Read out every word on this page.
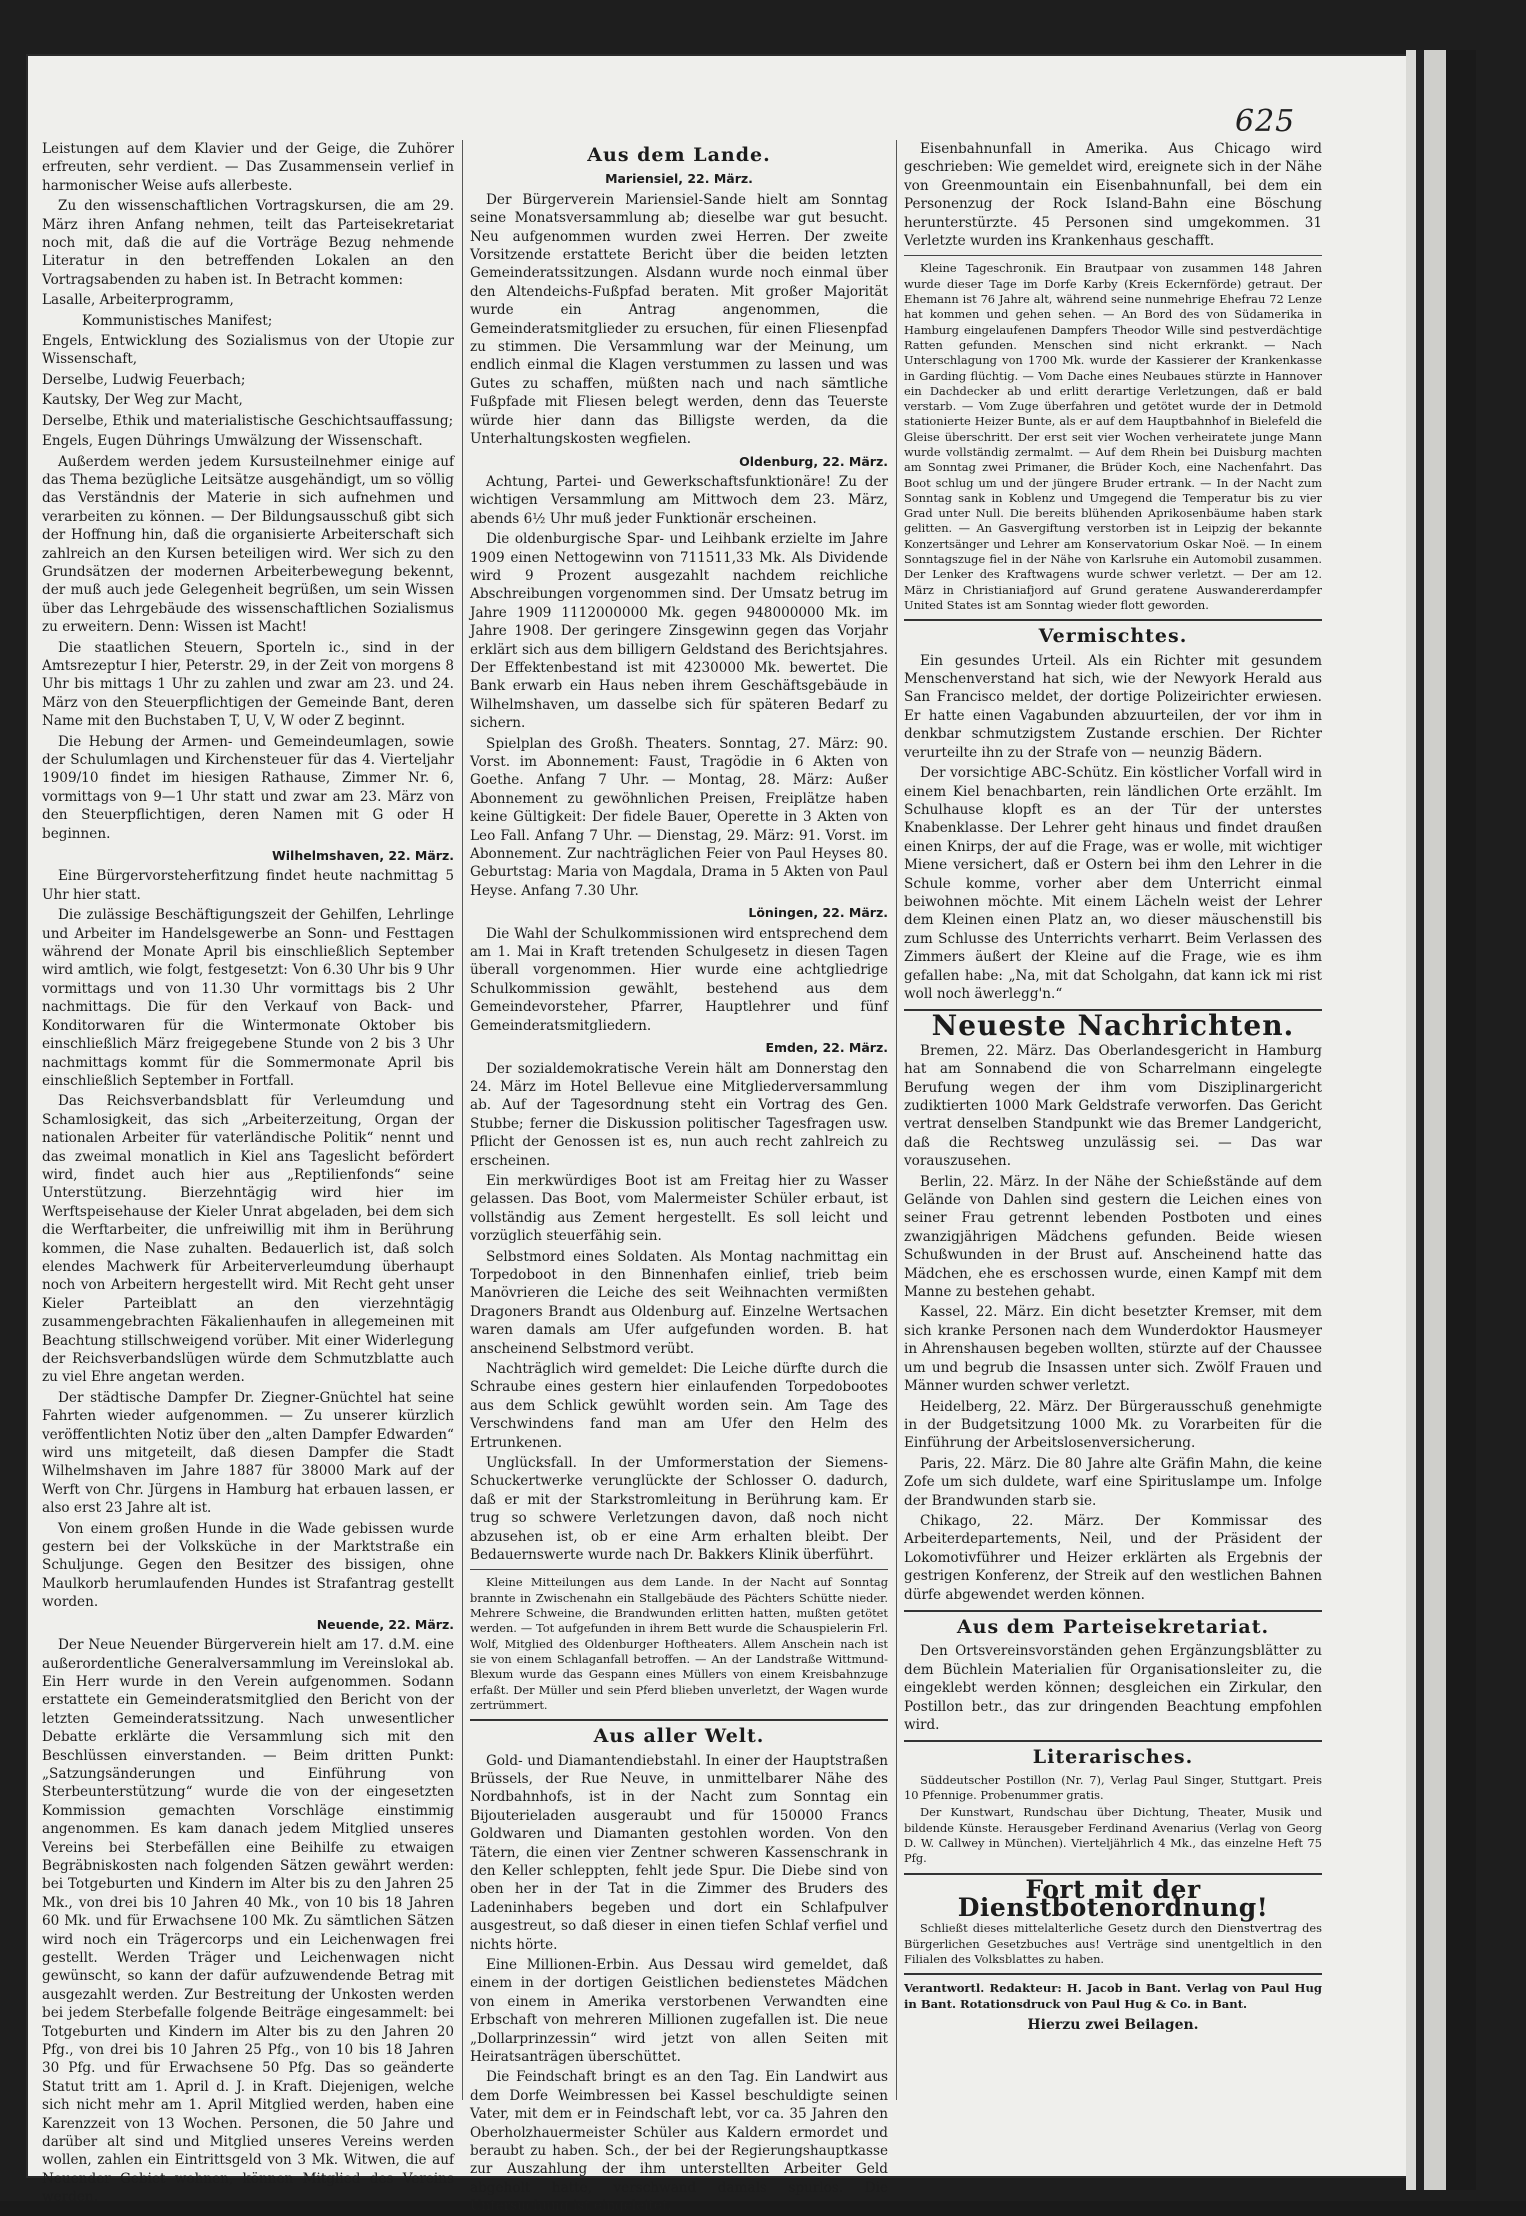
625

Leistungen auf dem Klavier und der Geige, die Zuhörer erfreuten, sehr verdient. — Das Zusammensein verlief in harmonischer Weise aufs allerbeste.

Zu den wissenschaftlichen Vortragskursen, die am 29. März ihren Anfang nehmen, teilt das Parteisekretariat noch mit, daß die auf die Vorträge Bezug nehmende Literatur in den betreffenden Lokalen an den Vortragsabenden zu haben ist. In Betracht kommen:

Lasalle, Arbeiterprogramm,

Kommunistisches Manifest;

Engels, Entwicklung des Sozialismus von der Utopie zur Wissenschaft,

Derselbe, Ludwig Feuerbach;

Kautsky, Der Weg zur Macht,

Derselbe, Ethik und materialistische Geschichtsauffassung;

Engels, Eugen Dührings Umwälzung der Wissenschaft.

Außerdem werden jedem Kursusteilnehmer einige auf das Thema bezügliche Leitsätze ausgehändigt, um so völlig das Verständnis der Materie in sich aufnehmen und verarbeiten zu können. — Der Bildungsausschuß gibt sich der Hoffnung hin, daß die organisierte Arbeiterschaft sich zahlreich an den Kursen beteiligen wird. Wer sich zu den Grundsätzen der modernen Arbeiterbewegung bekennt, der muß auch jede Gelegenheit begrüßen, um sein Wissen über das Lehrgebäude des wissenschaftlichen Sozialismus zu erweitern. Denn: Wissen ist Macht!

Die staatlichen Steuern, Sporteln ic., sind in der Amtsrezeptur I hier, Peterstr. 29, in der Zeit von morgens 8 Uhr bis mittags 1 Uhr zu zahlen und zwar am 23. und 24. März von den Steuerpflichtigen der Gemeinde Bant, deren Name mit den Buchstaben T, U, V, W oder Z beginnt.

Die Hebung der Armen- und Gemeindeumlagen, sowie der Schulumlagen und Kirchensteuer für das 4. Vierteljahr 1909/10 findet im hiesigen Rathause, Zimmer Nr. 6, vormittags von 9—1 Uhr statt und zwar am 23. März von den Steuerpflichtigen, deren Namen mit G oder H beginnen.

Wilhelmshaven, 22. März.

Eine Bürgervorsteherfitzung findet heute nachmittag 5 Uhr hier statt.

Die zulässige Beschäftigungszeit der Gehilfen, Lehrlinge und Arbeiter im Handelsgewerbe an Sonn- und Festtagen während der Monate April bis einschließlich September wird amtlich, wie folgt, festgesetzt: Von 6.30 Uhr bis 9 Uhr vormittags und von 11.30 Uhr vormittags bis 2 Uhr nachmittags. Die für den Verkauf von Back- und Konditorwaren für die Wintermonate Oktober bis einschließlich März freigegebene Stunde von 2 bis 3 Uhr nachmittags kommt für die Sommermonate April bis einschließlich September in Fortfall.

Das Reichsverbandsblatt für Verleumdung und Schamlosigkeit, das sich „Arbeiterzeitung, Organ der nationalen Arbeiter für vaterländische Politik“ nennt und das zweimal monatlich in Kiel ans Tageslicht befördert wird, findet auch hier aus „Reptilienfonds“ seine Unterstützung. Bierzehntägig wird hier im Werftspeisehause der Kieler Unrat abgeladen, bei dem sich die Werftarbeiter, die unfreiwillig mit ihm in Berührung kommen, die Nase zuhalten. Bedauerlich ist, daß solch elendes Machwerk für Arbeiterverleumdung überhaupt noch von Arbeitern hergestellt wird. Mit Recht geht unser Kieler Parteiblatt an den vierzehntägig zusammengebrachten Fäkalienhaufen in allegemeinen mit Beachtung stillschweigend vorüber. Mit einer Widerlegung der Reichsverbandslügen würde dem Schmutzblatte auch zu viel Ehre angetan werden.

Der städtische Dampfer Dr. Ziegner-Gnüchtel hat seine Fahrten wieder aufgenommen. — Zu unserer kürzlich veröffentlichten Notiz über den „alten Dampfer Edwarden“ wird uns mitgeteilt, daß diesen Dampfer die Stadt Wilhelmshaven im Jahre 1887 für 38000 Mark auf der Werft von Chr. Jürgens in Hamburg hat erbauen lassen, er also erst 23 Jahre alt ist.

Von einem großen Hunde in die Wade gebissen wurde gestern bei der Volksküche in der Marktstraße ein Schuljunge. Gegen den Besitzer des bissigen, ohne Maulkorb herumlaufenden Hundes ist Strafantrag gestellt worden.

Neuende, 22. März.

Der Neue Neuender Bürgerverein hielt am 17. d.M. eine außerordentliche Generalversammlung im Vereinslokal ab. Ein Herr wurde in den Verein aufgenommen. Sodann erstattete ein Gemeinderatsmitglied den Bericht von der letzten Gemeinderatssitzung. Nach unwesentlicher Debatte erklärte die Versammlung sich mit den Beschlüssen einverstanden. — Beim dritten Punkt: „Satzungsänderungen und Einführung von Sterbeunterstützung“ wurde die von der eingesetzten Kommission gemachten Vorschläge einstimmig angenommen. Es kam danach jedem Mitglied unseres Vereins bei Sterbefällen eine Beihilfe zu etwaigen Begräbniskosten nach folgenden Sätzen gewährt werden: bei Totgeburten und Kindern im Alter bis zu den Jahren 25 Mk., von drei bis 10 Jahren 40 Mk., von 10 bis 18 Jahren 60 Mk. und für Erwachsene 100 Mk. Zu sämtlichen Sätzen wird noch ein Trägercorps und ein Leichenwagen frei gestellt. Werden Träger und Leichenwagen nicht gewünscht, so kann der dafür aufzuwendende Betrag mit ausgezahlt werden. Zur Bestreitung der Unkosten werden bei jedem Sterbefalle folgende Beiträge eingesammelt: bei Totgeburten und Kindern im Alter bis zu den Jahren 20 Pfg., von drei bis 10 Jahren 25 Pfg., von 10 bis 18 Jahren 30 Pfg. und für Erwachsene 50 Pfg. Das so geänderte Statut tritt am 1. April d. J. in Kraft. Diejenigen, welche sich nicht mehr am 1. April Mitglied werden, haben eine Karenzzeit von 13 Wochen. Personen, die 50 Jahre und darüber alt sind und Mitglied unseres Vereins werden wollen, zahlen ein Eintrittsgeld von 3 Mk. Witwen, die auf Neuender Gebiet wohnen, können Mitglied des Vereins werden.

Aus dem Lande.

Mariensiel, 22. März.

Der Bürgerverein Mariensiel-Sande hielt am Sonntag seine Monatsversammlung ab; dieselbe war gut besucht. Neu aufgenommen wurden zwei Herren. Der zweite Vorsitzende erstattete Bericht über die beiden letzten Gemeinderatssitzungen. Alsdann wurde noch einmal über den Altendeichs-Fußpfad beraten. Mit großer Majorität wurde ein Antrag angenommen, die Gemeinderatsmitglieder zu ersuchen, für einen Fliesenpfad zu stimmen. Die Versammlung war der Meinung, um endlich einmal die Klagen verstummen zu lassen und was Gutes zu schaffen, müßten nach und nach sämtliche Fußpfade mit Fliesen belegt werden, denn das Teuerste würde hier dann das Billigste werden, da die Unterhaltungskosten wegfielen.

Oldenburg, 22. März.

Achtung, Partei- und Gewerkschaftsfunktionäre! Zu der wichtigen Versammlung am Mittwoch dem 23. März, abends 6½ Uhr muß jeder Funktionär erscheinen.

Die oldenburgische Spar- und Leihbank erzielte im Jahre 1909 einen Nettogewinn von 711511,33 Mk. Als Dividende wird 9 Prozent ausgezahlt nachdem reichliche Abschreibungen vorgenommen sind. Der Umsatz betrug im Jahre 1909 1112000000 Mk. gegen 948000000 Mk. im Jahre 1908. Der geringere Zinsgewinn gegen das Vorjahr erklärt sich aus dem billigern Geldstand des Berichtsjahres. Der Effektenbestand ist mit 4230000 Mk. bewertet. Die Bank erwarb ein Haus neben ihrem Geschäftsgebäude in Wilhelmshaven, um dasselbe sich für späteren Bedarf zu sichern.

Spielplan des Großh. Theaters. Sonntag, 27. März: 90. Vorst. im Abonnement: Faust, Tragödie in 6 Akten von Goethe. Anfang 7 Uhr. — Montag, 28. März: Außer Abonnement zu gewöhnlichen Preisen, Freiplätze haben keine Gültigkeit: Der fidele Bauer, Operette in 3 Akten von Leo Fall. Anfang 7 Uhr. — Dienstag, 29. März: 91. Vorst. im Abonnement. Zur nachträglichen Feier von Paul Heyses 80. Geburtstag: Maria von Magdala, Drama in 5 Akten von Paul Heyse. Anfang 7.30 Uhr.

Löningen, 22. März.

Die Wahl der Schulkommissionen wird entsprechend dem am 1. Mai in Kraft tretenden Schulgesetz in diesen Tagen überall vorgenommen. Hier wurde eine achtgliedrige Schulkommission gewählt, bestehend aus dem Gemeindevorsteher, Pfarrer, Hauptlehrer und fünf Gemeinderatsmitgliedern.

Emden, 22. März.

Der sozialdemokratische Verein hält am Donnerstag den 24. März im Hotel Bellevue eine Mitgliederversammlung ab. Auf der Tagesordnung steht ein Vortrag des Gen. Stubbe; ferner die Diskussion politischer Tagesfragen usw. Pflicht der Genossen ist es, nun auch recht zahlreich zu erscheinen.

Ein merkwürdiges Boot ist am Freitag hier zu Wasser gelassen. Das Boot, vom Malermeister Schüler erbaut, ist vollständig aus Zement hergestellt. Es soll leicht und vorzüglich steuerfähig sein.

Selbstmord eines Soldaten. Als Montag nachmittag ein Torpedoboot in den Binnenhafen einlief, trieb beim Manövrieren die Leiche des seit Weihnachten vermißten Dragoners Brandt aus Oldenburg auf. Einzelne Wertsachen waren damals am Ufer aufgefunden worden. B. hat anscheinend Selbstmord verübt.

Nachträglich wird gemeldet: Die Leiche dürfte durch die Schraube eines gestern hier einlaufenden Torpedobootes aus dem Schlick gewühlt worden sein. Am Tage des Verschwindens fand man am Ufer den Helm des Ertrunkenen.

Unglücksfall. In der Umformerstation der Siemens-Schuckertwerke verunglückte der Schlosser O. dadurch, daß er mit der Starkstromleitung in Berührung kam. Er trug so schwere Verletzungen davon, daß noch nicht abzusehen ist, ob er eine Arm erhalten bleibt. Der Bedauernswerte wurde nach Dr. Bakkers Klinik überführt.

Kleine Mitteilungen aus dem Lande. In der Nacht auf Sonntag brannte in Zwischenahn ein Stallgebäude des Pächters Schütte nieder. Mehrere Schweine, die Brandwunden erlitten hatten, mußten getötet werden. — Tot aufgefunden in ihrem Bett wurde die Schauspielerin Frl. Wolf, Mitglied des Oldenburger Hoftheaters. Allem Anschein nach ist sie von einem Schlaganfall betroffen. — An der Landstraße Wittmund-Blexum wurde das Gespann eines Müllers von einem Kreisbahnzuge erfaßt. Der Müller und sein Pferd blieben unverletzt, der Wagen wurde zertrümmert.

Aus aller Welt.

Gold- und Diamantendiebstahl. In einer der Hauptstraßen Brüssels, der Rue Neuve, in unmittelbarer Nähe des Nordbahnhofs, ist in der Nacht zum Sonntag ein Bijouterieladen ausgeraubt und für 150000 Francs Goldwaren und Diamanten gestohlen worden. Von den Tätern, die einen vier Zentner schweren Kassenschrank in den Keller schleppten, fehlt jede Spur. Die Diebe sind von oben her in der Tat in die Zimmer des Bruders des Ladeninhabers begeben und dort ein Schlafpulver ausgestreut, so daß dieser in einen tiefen Schlaf verfiel und nichts hörte.

Eine Millionen-Erbin. Aus Dessau wird gemeldet, daß einem in der dortigen Geistlichen bedienstetes Mädchen von einem in Amerika verstorbenen Verwandten eine Erbschaft von mehreren Millionen zugefallen ist. Die neue „Dollarprinzessin“ wird jetzt von allen Seiten mit Heiratsanträgen überschüttet.

Die Feindschaft bringt es an den Tag. Ein Landwirt aus dem Dorfe Weimbressen bei Kassel beschuldigte seinen Vater, mit dem er in Feindschaft lebt, vor ca. 35 Jahren den Oberholzhauermeister Schüler aus Kaldern ermordet und beraubt zu haben. Sch., der bei der Regierungshauptkasse zur Auszahlung der ihm unterstellten Arbeiter Geld abgeholt hatte, verschwand damals spurlos. Die Untersuchung ist eingeleitet.

Eisenbahnunfall in Amerika. Aus Chicago wird geschrieben: Wie gemeldet wird, ereignete sich in der Nähe von Greenmountain ein Eisenbahnunfall, bei dem ein Personenzug der Rock Island-Bahn eine Böschung herunterstürzte. 45 Personen sind umgekommen. 31 Verletzte wurden ins Krankenhaus geschafft.

Kleine Tageschronik. Ein Brautpaar von zusammen 148 Jahren wurde dieser Tage im Dorfe Karby (Kreis Eckernförde) getraut. Der Ehemann ist 76 Jahre alt, während seine nunmehrige Ehefrau 72 Lenze hat kommen und gehen sehen. — An Bord des von Südamerika in Hamburg eingelaufenen Dampfers Theodor Wille sind pestverdächtige Ratten gefunden. Menschen sind nicht erkrankt. — Nach Unterschlagung von 1700 Mk. wurde der Kassierer der Krankenkasse in Garding flüchtig. — Vom Dache eines Neubaues stürzte in Hannover ein Dachdecker ab und erlitt derartige Verletzungen, daß er bald verstarb. — Vom Zuge überfahren und getötet wurde der in Detmold stationierte Heizer Bunte, als er auf dem Hauptbahnhof in Bielefeld die Gleise überschritt. Der erst seit vier Wochen verheiratete junge Mann wurde vollständig zermalmt. — Auf dem Rhein bei Duisburg machten am Sonntag zwei Primaner, die Brüder Koch, eine Nachenfahrt. Das Boot schlug um und der jüngere Bruder ertrank. — In der Nacht zum Sonntag sank in Koblenz und Umgegend die Temperatur bis zu vier Grad unter Null. Die bereits blühenden Aprikosenbäume haben stark gelitten. — An Gasvergiftung verstorben ist in Leipzig der bekannte Konzertsänger und Lehrer am Konservatorium Oskar Noë. — In einem Sonntagszuge fiel in der Nähe von Karlsruhe ein Automobil zusammen. Der Lenker des Kraftwagens wurde schwer verletzt. — Der am 12. März in Christianiafjord auf Grund geratene Auswandererdampfer United States ist am Sonntag wieder flott geworden.

Vermischtes.

Ein gesundes Urteil. Als ein Richter mit gesundem Menschenverstand hat sich, wie der Newyork Herald aus San Francisco meldet, der dortige Polizeirichter erwiesen. Er hatte einen Vagabunden abzuurteilen, der vor ihm in denkbar schmutzigstem Zustande erschien. Der Richter verurteilte ihn zu der Strafe von — neunzig Bädern.

Der vorsichtige ABC-Schütz. Ein köstlicher Vorfall wird in einem Kiel benachbarten, rein ländlichen Orte erzählt. Im Schulhause klopft es an der Tür der unterstes Knabenklasse. Der Lehrer geht hinaus und findet draußen einen Knirps, der auf die Frage, was er wolle, mit wichtiger Miene versichert, daß er Ostern bei ihm den Lehrer in die Schule komme, vorher aber dem Unterricht einmal beiwohnen möchte. Mit einem Lächeln weist der Lehrer dem Kleinen einen Platz an, wo dieser mäuschenstill bis zum Schlusse des Unterrichts verharrt. Beim Verlassen des Zimmers äußert der Kleine auf die Frage, wie es ihm gefallen habe: „Na, mit dat Scholgahn, dat kann ick mi rist woll noch äwerlegg'n.“

Neueste Nachrichten.

Bremen, 22. März. Das Oberlandesgericht in Hamburg hat am Sonnabend die von Scharrelmann eingelegte Berufung wegen der ihm vom Disziplinargericht zudiktierten 1000 Mark Geldstrafe verworfen. Das Gericht vertrat denselben Standpunkt wie das Bremer Landgericht, daß die Rechtsweg unzulässig sei. — Das war vorauszusehen.

Berlin, 22. März. In der Nähe der Schießstände auf dem Gelände von Dahlen sind gestern die Leichen eines von seiner Frau getrennt lebenden Postboten und eines zwanzigjährigen Mädchens gefunden. Beide wiesen Schußwunden in der Brust auf. Anscheinend hatte das Mädchen, ehe es erschossen wurde, einen Kampf mit dem Manne zu bestehen gehabt.

Kassel, 22. März. Ein dicht besetzter Kremser, mit dem sich kranke Personen nach dem Wunderdoktor Hausmeyer in Ahrenshausen begeben wollten, stürzte auf der Chaussee um und begrub die Insassen unter sich. Zwölf Frauen und Männer wurden schwer verletzt.

Heidelberg, 22. März. Der Bürgerausschuß genehmigte in der Budgetsitzung 1000 Mk. zu Vorarbeiten für die Einführung der Arbeitslosenversicherung.

Paris, 22. März. Die 80 Jahre alte Gräfin Mahn, die keine Zofe um sich duldete, warf eine Spirituslampe um. Infolge der Brandwunden starb sie.

Chikago, 22. März. Der Kommissar des Arbeiterdepartements, Neil, und der Präsident der Lokomotivführer und Heizer erklärten als Ergebnis der gestrigen Konferenz, der Streik auf den westlichen Bahnen dürfe abgewendet werden können.

Aus dem Parteisekretariat.

Den Ortsvereinsvorständen gehen Ergänzungsblätter zu dem Büchlein Materialien für Organisationsleiter zu, die eingeklebt werden können; desgleichen ein Zirkular, den Postillon betr., das zur dringenden Beachtung empfohlen wird.

Literarisches.

Süddeutscher Postillon (Nr. 7), Verlag Paul Singer, Stuttgart. Preis 10 Pfennige. Probenummer gratis.

Der Kunstwart, Rundschau über Dichtung, Theater, Musik und bildende Künste. Herausgeber Ferdinand Avenarius (Verlag von Georg D. W. Callwey in München). Vierteljährlich 4 Mk., das einzelne Heft 75 Pfg.

Fort mit der Dienstbotenordnung!

Schließt dieses mittelalterliche Gesetz durch den Dienstvertrag des Bürgerlichen Gesetzbuches aus! Verträge sind unentgeltlich in den Filialen des Volksblattes zu haben.

Verantwortl. Redakteur: H. Jacob in Bant. Verlag von Paul Hug in Bant. Rotationsdruck von Paul Hug & Co. in Bant.

Hierzu zwei Beilagen.
